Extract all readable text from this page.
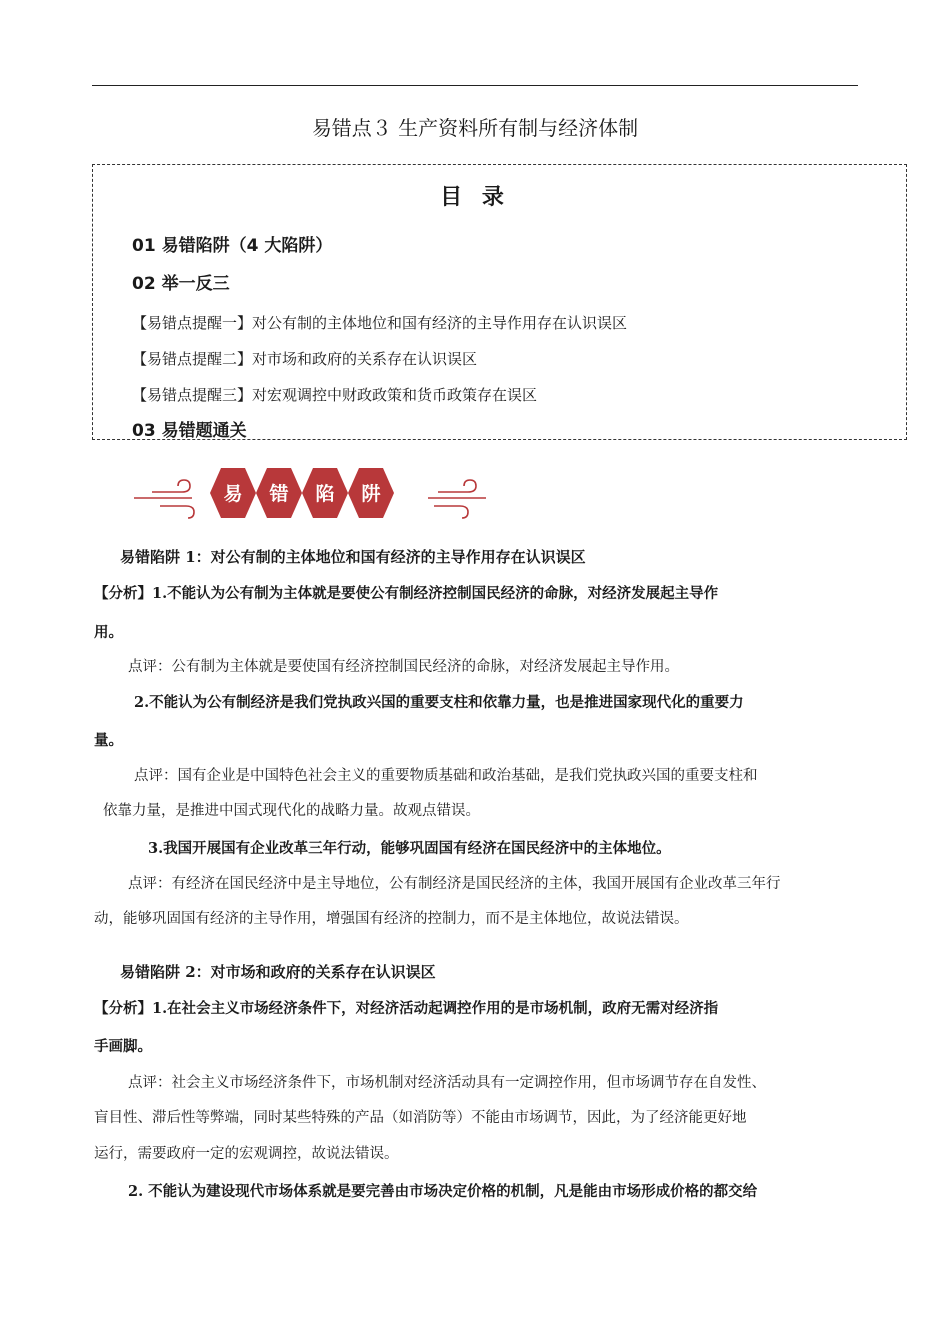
易错点３ 生产资料所有制与经济体制
目 录
01 易错陷阱（4 大陷阱）
02 举一反三
【易错点提醒一】对公有制的主体地位和国有经济的主导作用存在认识误区
【易错点提醒二】对市场和政府的关系存在认识误区
【易错点提醒三】对宏观调控中财政政策和货币政策存在误区
03 易错题通关
易 错 陷 阱
易错陷阱 1：对公有制的主体地位和国有经济的主导作用存在认识误区
【分析】1.不能认为公有制为主体就是要使公有制经济控制国民经济的命脉，对经济发展起主导作
用。
点评：公有制为主体就是要使国有经济控制国民经济的命脉，对经济发展起主导作用。
2.不能认为公有制经济是我们党执政兴国的重要支柱和依靠力量，也是推进国家现代化的重要力
量。
点评：国有企业是中国特色社会主义的重要物质基础和政治基础，是我们党执政兴国的重要支柱和
依靠力量，是推进中国式现代化的战略力量。故观点错误。
3.我国开展国有企业改革三年行动，能够巩固国有经济在国民经济中的主体地位。
点评：有经济在国民经济中是主导地位，公有制经济是国民经济的主体，我国开展国有企业改革三年行
动，能够巩固国有经济的主导作用，增强国有经济的控制力，而不是主体地位，故说法错误。
易错陷阱 2：对市场和政府的关系存在认识误区
【分析】1.在社会主义市场经济条件下，对经济活动起调控作用的是市场机制，政府无需对经济指
手画脚。
点评：社会主义市场经济条件下，市场机制对经济活动具有一定调控作用，但市场调节存在自发性、
盲目性、滞后性等弊端，同时某些特殊的产品（如消防等）不能由市场调节，因此，为了经济能更好地
运行，需要政府一定的宏观调控，故说法错误。
2. 不能认为建设现代市场体系就是要完善由市场决定价格的机制，凡是能由市场形成价格的都交给
